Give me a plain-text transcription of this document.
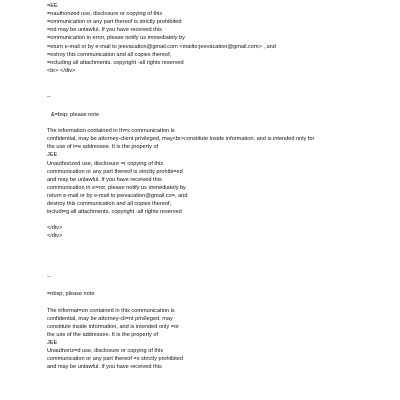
=EE
=nauthorized use, disclosure or copying of this
=ommunication or any part thereof is strictly prohibited
=nd may be unlawful. If you have received this
=ommunication in error, please notify us immediately by
=eturn e-mail or by e-mail to jeevacation@gmail.com <mailto:jeevacation@gmail.com> , and
=estroy this communication and all copies thereof,
=ncluding all attachments. copyright -all rights reserved
<br> </div>
--
&=bsp; please note
The information contained in th=s communication is
confidential, may be attorney-client privileged, may<br>constitute inside information, and is intended only for
the use of t=e addressee. It is the property of
JEE
Unauthorized use, disclosure =r copying of this
communication or any part thereof is strictly prohibi=ed
and may be unlawful. If you have received this
communication in e=ror, please notify us immediately by
return e-mail or by e-mail to jeevacation@gmail.co=, and
destroy this communication and all copies thereof,
includi=g all attachments. copyright -all rights reserved
</div>
</div>
--
=nbsp; please note
The informat=on contained in this communication is
confidential, may be attorney-cli=nt privileged, may
constitute inside information, and is intended only =or
the use of the addressee. It is the property of
JEE
Unauthoriz=d use, disclosure or copying of this
communication or any part thereof =s strictly prohibited
and may be unlawful. If you have received this
